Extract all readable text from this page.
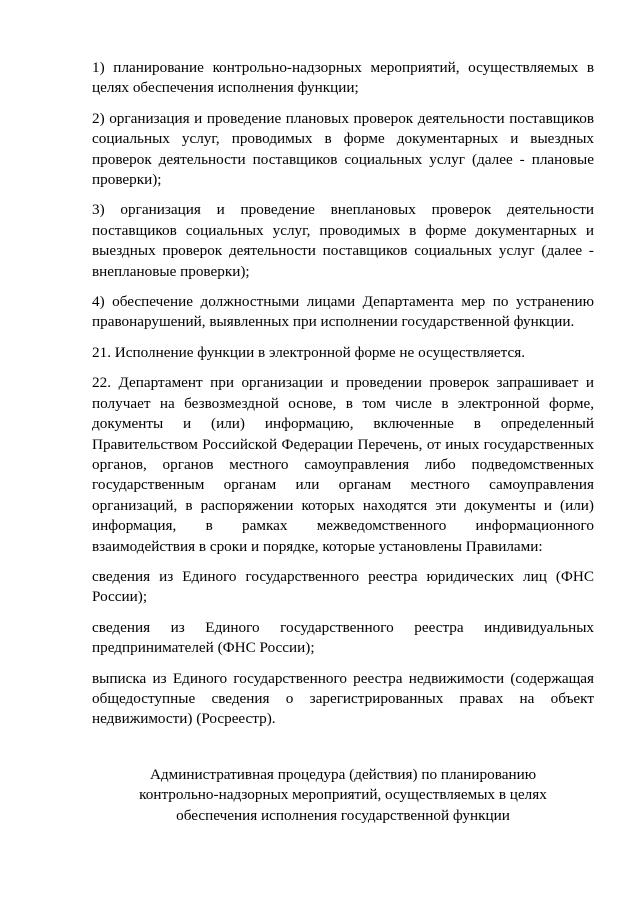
1) планирование контрольно-надзорных мероприятий, осуществляемых в целях обеспечения исполнения функции;

2) организация и проведение плановых проверок деятельности поставщиков социальных услуг, проводимых в форме документарных и выездных проверок деятельности поставщиков социальных услуг (далее - плановые проверки);

3) организация и проведение внеплановых проверок деятельности поставщиков социальных услуг, проводимых в форме документарных и выездных проверок деятельности поставщиков социальных услуг (далее - внеплановые проверки);

4) обеспечение должностными лицами Департамента мер по устранению правонарушений, выявленных при исполнении государственной функции.

21. Исполнение функции в электронной форме не осуществляется.

22. Департамент при организации и проведении проверок запрашивает и получает на безвозмездной основе, в том числе в электронной форме, документы и (или) информацию, включенные в определенный Правительством Российской Федерации Перечень, от иных государственных органов, органов местного самоуправления либо подведомственных государственным органам или органам местного самоуправления организаций, в распоряжении которых находятся эти документы и (или) информация, в рамках межведомственного информационного взаимодействия в сроки и порядке, которые установлены Правилами:

сведения из Единого государственного реестра юридических лиц (ФНС России);

сведения из Единого государственного реестра индивидуальных предпринимателей (ФНС России);

выписка из Единого государственного реестра недвижимости (содержащая общедоступные сведения о зарегистрированных правах на объект недвижимости) (Росреестр).

Административная процедура (действия) по планированию
контрольно-надзорных мероприятий, осуществляемых в целях
обеспечения исполнения государственной функции
